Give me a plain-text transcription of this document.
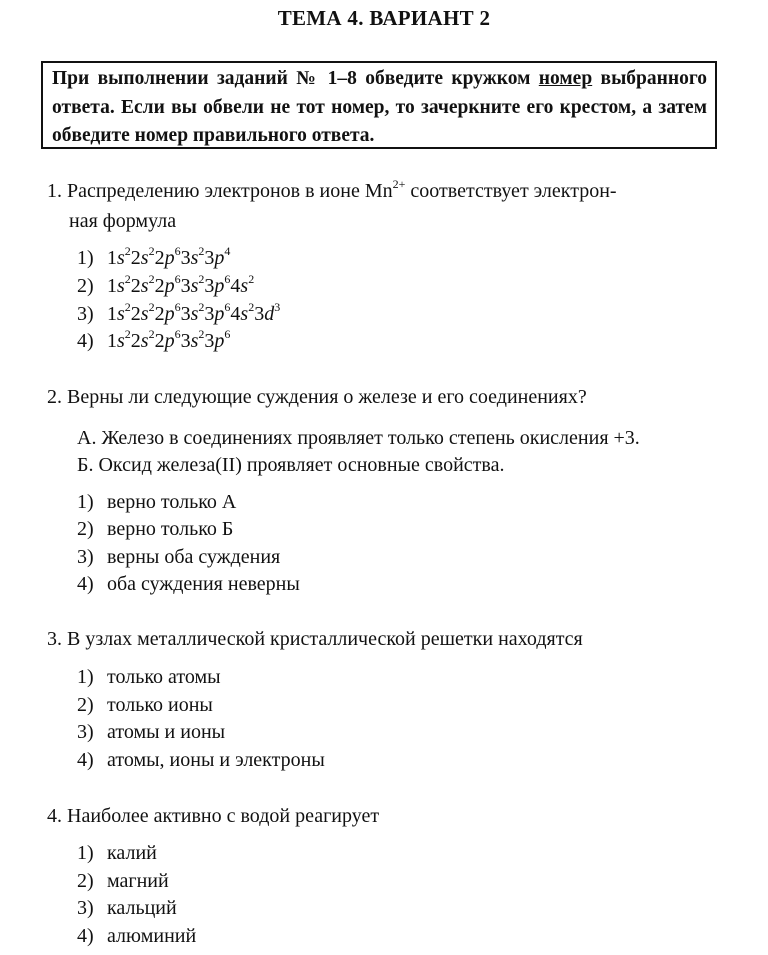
ТЕМА 4. ВАРИАНТ 2
При выполнении заданий № 1–8 обведите кружком номер выбранного ответа. Если вы обвели не тот номер, то зачеркните его крестом, а затем обведите номер правильного ответа.
1. Распределению электронов в ионе $Mn^{2+}$ соответствует электрон-
ная формула
1) $1s^22s^22p^63s^23p^4$
2) $1s^22s^22p^63s^23p^64s^2$
3) $1s^22s^22p^63s^23p^64s^23d^3$
4) $1s^22s^22p^63s^23p^6$
2. Верны ли следующие суждения о железе и его соединениях?
А. Железо в соединениях проявляет только степень окисления +3.
Б. Оксид железа(II) проявляет основные свойства.
1) верно только А
2) верно только Б
3) верны оба суждения
4) оба суждения неверны
3. В узлах металлической кристаллической решетки находятся
1) только атомы
2) только ионы
3) атомы и ионы
4) атомы, ионы и электроны
4. Наиболее активно с водой реагирует
1) калий
2) магний
3) кальций
4) алюминий
